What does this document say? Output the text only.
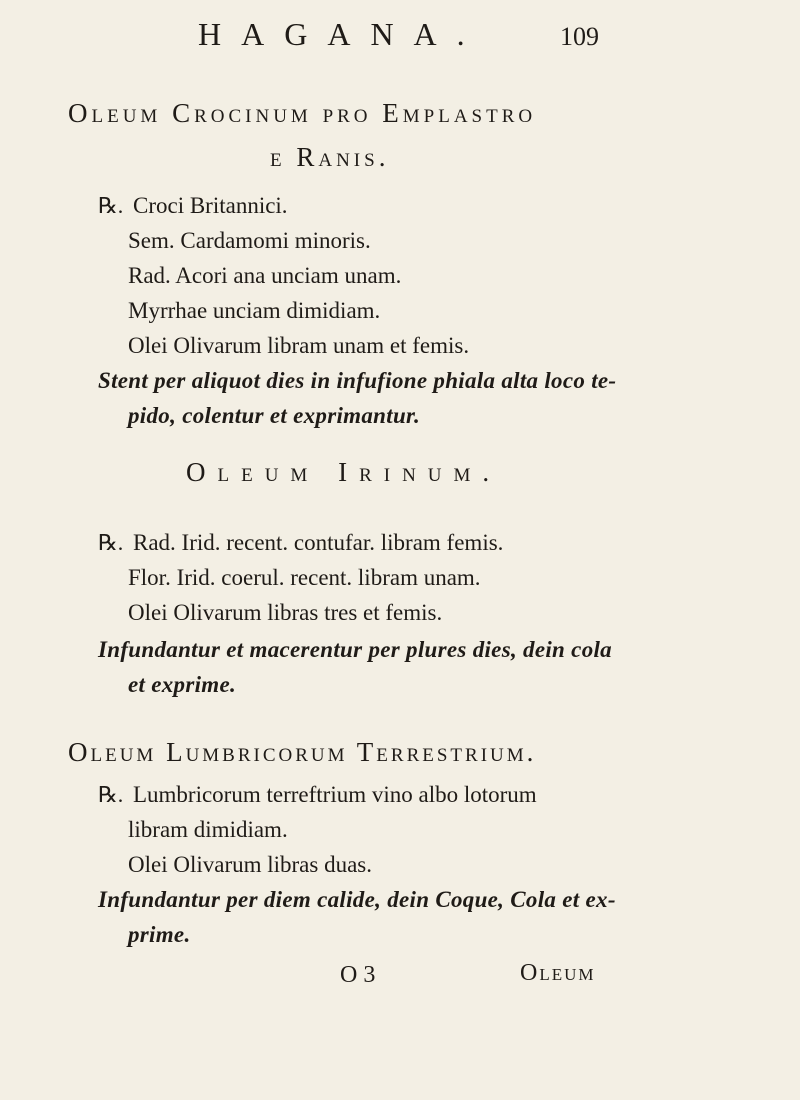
HAGANA.	109
Oleum Crocinum pro Emplastro
e Ranis.
℞. Croci Britannici.
Sem. Cardamomi minoris.
Rad. Acori ana unciam unam.
Myrrhae unciam dimidiam.
Olei Olivarum libram unam et femis.
Stent per aliquot dies in infufione phiala alta loco te-
pido, colentur et exprimantur.
Oleum Irinum.
℞. Rad. Irid. recent. contufar. libram femis.
Flor. Irid. coerul. recent. libram unam.
Olei Olivarum libras tres et femis.
Infundantur et macerentur per plures dies, dein cola
et exprime.
Oleum Lumbricorum Terrestrium.
℞. Lumbricorum terreftrium vino albo lotorum
libram dimidiam.
Olei Olivarum libras duas.
Infundantur per diem calide, dein Coque, Cola et ex-
prime.
O 3	Oleum
